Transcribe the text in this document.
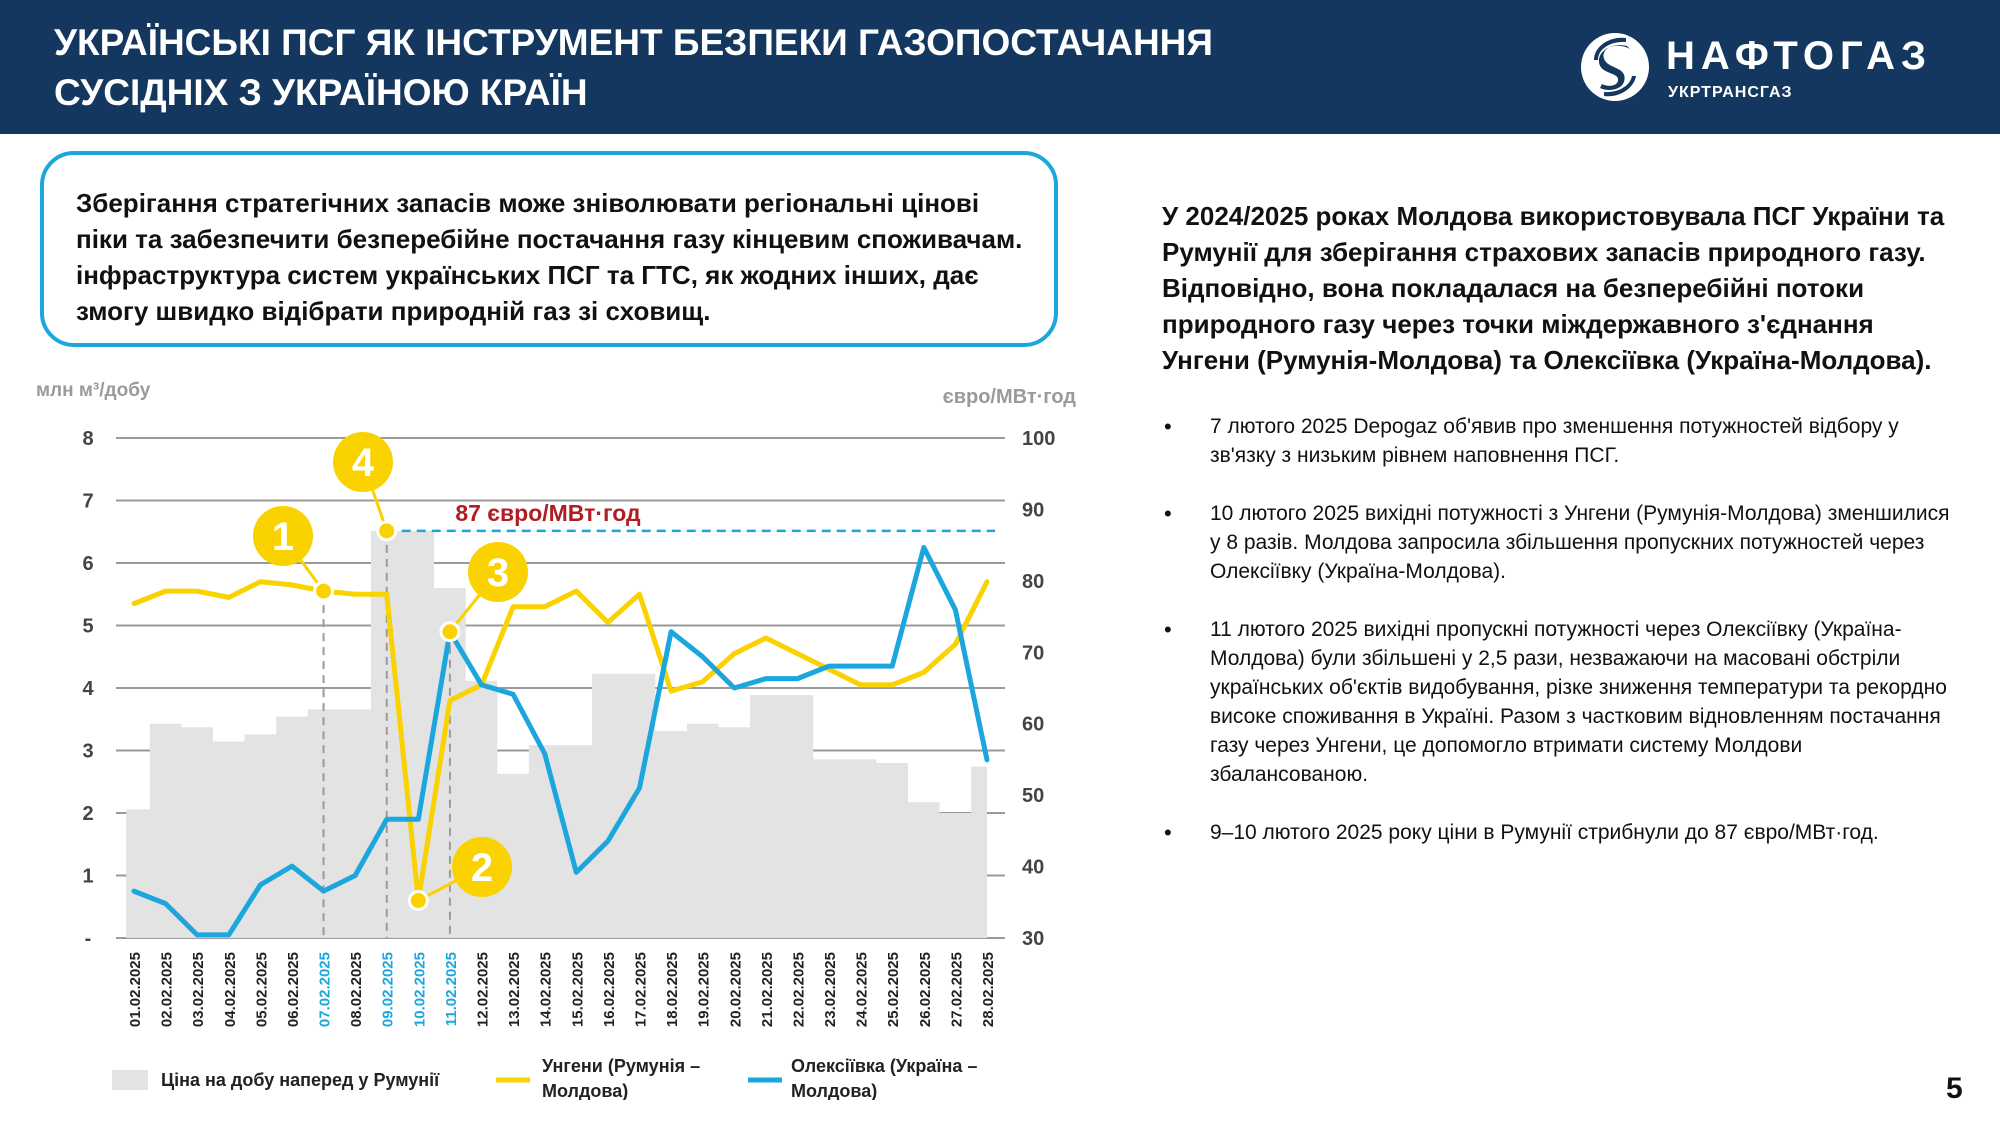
УКРАЇНСЬКІ ПСГ ЯК ІНСТРУМЕНТ БЕЗПЕКИ ГАЗОПОСТАЧАННЯ
СУСІДНІХ З УКРАЇНОЮ КРАЇН
НАФТОГАЗ
УКРТРАНСГАЗ
Зберігання стратегічних запасів може зніволювати регіональні цінові піки та забезпечити безперебійне постачання газу кінцевим споживачам. інфраструктура систем українських ПСГ та ГТС, як жодних інших, дає змогу швидко відібрати природній газ зі сховищ.

У 2024/2025 роках Молдова використовувала ПСГ України та Румунії для зберігання страхових запасів природного газу. Відповідно, вона покладалася на безперебійні потоки природного газу через точки міждержавного з'єднання Унгени (Румунія-Молдова) та Олексіївка (Україна-Молдова).

• 7 лютого 2025 Depogaz об'явив про зменшення потужностей відбору у зв'язку з низьким рівнем наповнення ПСГ.
• 10 лютого 2025 вихідні потужності з Унгени (Румунія-Молдова) зменшилися у 8 разів. Молдова запросила збільшення пропускних потужностей через Олексіївку (Україна-Молдова).
• 11 лютого 2025 вихідні пропускні потужності через Олексіївку (Україна-Молдова) були збільшені у 2,5 рази, незважаючи на масовані обстріли українських об'єктів видобування, різке зниження температури та рекордно високе споживання в Україні. Разом з частковим відновленням постачання газу через Унгени, це допомогло втримати систему Молдови збалансованою.
• 9–10 лютого 2025 року ціни в Румунії стрибнули до 87 євро/МВт·год.
млн м³/добу	євро/МВт·год
87 євро/МВт·год
8
7
6
5
4
3
2
1
-
100
90
80
70
60
50
40
30
01.02.2025 02.02.2025 03.02.2025 04.02.2025 05.02.2025 06.02.2025 07.02.2025 08.02.2025 09.02.2025 10.02.2025 11.02.2025 12.02.2025 13.02.2025 14.02.2025 15.02.2025 16.02.2025 17.02.2025 18.02.2025 19.02.2025 20.02.2025 21.02.2025 22.02.2025 23.02.2025 24.02.2025 25.02.2025 26.02.2025 27.02.2025 28.02.2025
1
2
3
4
Ціна на добу наперед у Румунії
Унгени (Румунія –
Молдова)
Олексіївка (Україна –
Молдова)	5
